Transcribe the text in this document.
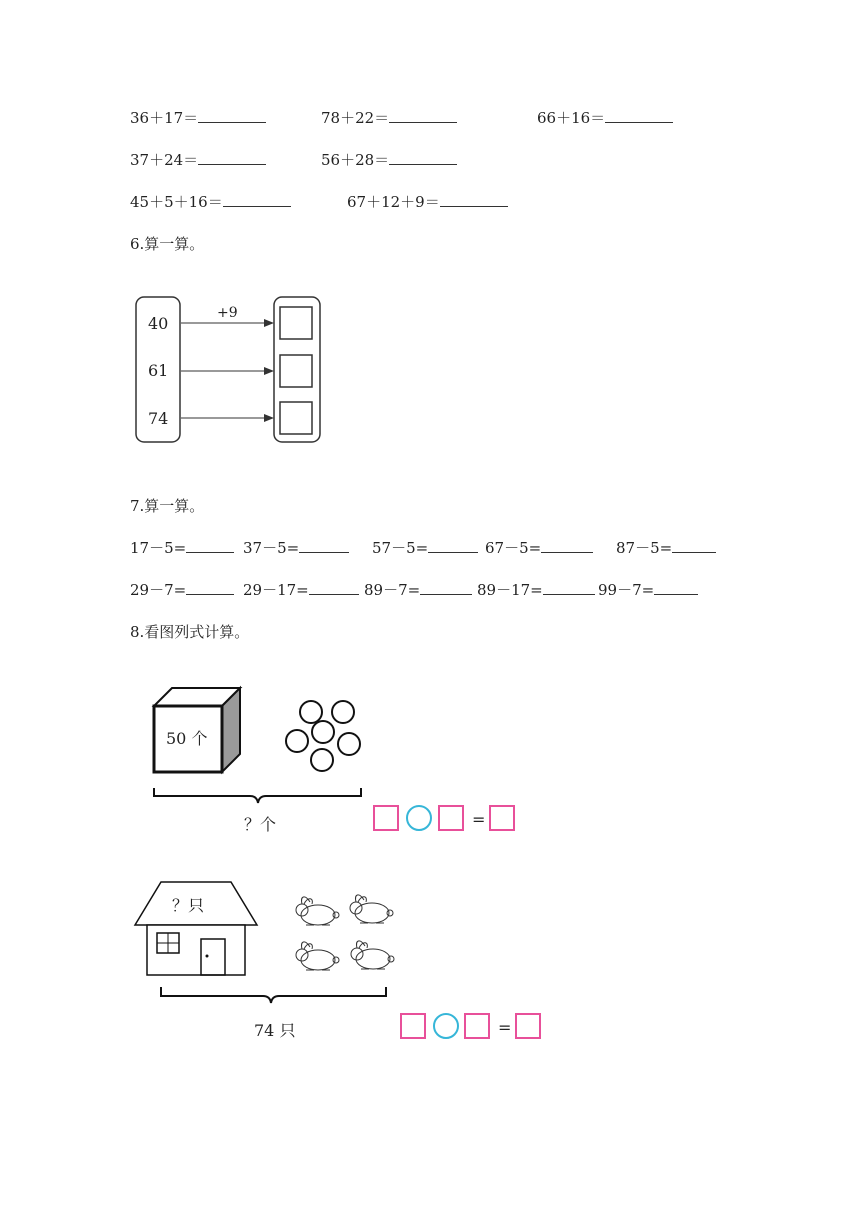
36＋17＝	78＋22＝	66＋16＝
37＋24＝	56＋28＝
45＋5＋16＝	67＋12＋9＝
6.算一算。
7.算一算。
17－5=	37－5=	57－5=	67－5=	87－5=
29－7=	29－17=	89－7=	89－17=	99－7=
8.看图列式计算。
40
61
74
+9
50 个
？个	=
？只
74 只	=
